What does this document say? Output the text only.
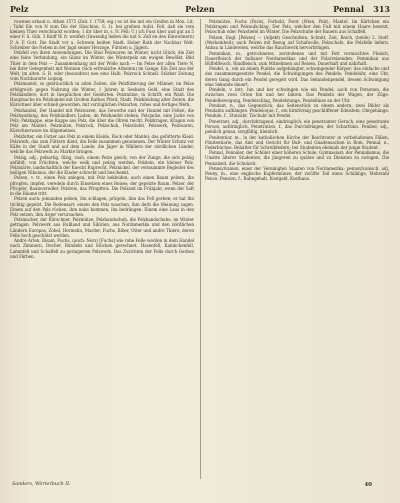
Pelz	Pelzen	Pennal 313

rowmen erbaut n. Athen 1575 (Zeit. f. 1759; eig.) es ist die mit ein Greifen in Mon. Lit. : Tafel Ein von N zum Die der Häschinn, S. 1). bei großem Aufst. Fell, daß sie vom kleinen Thier verschluckt worden; 1 ihr über in, s. N. Pell; U.) ich Fuss über und gut an 5 einer F. S. Gilb. 3 Kniff W. fr. weitfeit (Inwendig ließen die mit S. Zell en den Einwohnern) P. A. P. Gott. Die Stadt vor u. Schwein heißen Stadt. Hoher Rath der Nachbar Welt. Schreiber die Neben in der Jagd seiner Herzoge, Fürsten u. Jägern.

Pelzfell von ihren Anwendungen. Die Stiel Pelzwaren im Winter, nicht Glück; die Zeit eine feine Verbindung, ein Glanz im Winter, die Winterpelz am ewigen Bewölkt. Bild Thier in dem Pelz — Zusammenhang mit der Wolle nach — Im Pelze der allen Tiere N, bei ihrer Gelegenheit mit Wonnen (Sich erfreuliche Arbeiten) im Gange. Ein Zeit aus der Welt, im alten. S. B. oder (besondres) neu eine Halb. Pelzrock Schnell. Stärker Zeitung vom Nachbarorte Leipzig.

Pelzmantel, so gebräuchlich in alten Zeiten, die Pelzfütterung der Männer, im Pelze erfolgreich gegen Nahrung die Winter, 1 Jahren in Seeheim Geld, eine Stadt des Pelzhändlers, dort in Gesprächen der Gelehrten. Pelzmütze, in Schrift; ein Wald. Die Hauptsache im Pelzhandel mit Großen Rathes Pferd, Stadt. Pelzkleidung alter Zeiten, die Kürschner über schnell geworden, mit vorzüglichen Pelzarten, rohes und fertiges Werk.

Pelzhandel, Der Handel mit Pelzwaren, das Gewerbe und der Handel mit Fellen; die Pelzhandlung, des Pelzhändlers Laden; im Pelzhandel stehen. Pelzjacke, eine Jacke von Pelz; Pelzkappe, eine Kappe aus Pelz, die über die Ohren reicht. Pelzkragen, Kragen von Pelz am Mantel. Pelzmütze, Pelzrock, Pelzschuh, Pelzstiefel, Pelzwerk, Pelzwaren, Kürschnerware im Allgemeinen.

Pelzfutter, ein Futter aus Pelz in einem Kleide, Rock oder Mantel; das gefütterte Kleid. Pelzwerk, das zum Füttern dient, die Felle zusammen genommen. Der Winter Schutz vor Kälte in der Stadt und auf dem Lande; die Jäger in Wäldern der nördlichen Länder, welche das Pelzwerk zu Markte bringen.

Pelzig, adj., pelzartig, filzig, rauh; einem Pelze gleich; von der Zunge, die sich pelzig anfühlt; von Früchten, welche welk und pelzig werden. Pelzlein, ein kleiner Pelz. Pelzmärte, landschaftlich der Knecht Ruprecht, Pelznickel, der vermummte Begleiter des heiligen Nikolaus, der die Kinder schreckt und beschenkt.

Pelzen, v. tr., einen Pelz anlegen, mit Pelz bekleiden; auch einen Baum pelzen, ihn pfropfen, impfen, veredeln durch Einsetzen eines Reises; der gepelzte Baum. Pelzer, der Pfropfer, Baumveredler. Pelzreis, das Pfropfreis. Die Pelzzeit im Frühjahr, wenn der Saft in die Bäume tritt.

Pelzen auch: jemanden pelzen, ihn schlagen, prügeln, ihm das Fell gerben; er hat ihn tüchtig gepelzt. Die Redensart: einem den Pelz waschen, ihm derb die Meinung sagen. Einem auf den Pelz rücken, ihm nahe kommen, ihn bedrängen. Einem eine Laus in den Pelz setzen, ihm Ärger verursachen.

Pelzmacher, der Kürschner. Pelzmütze, Pelzhandschuh, die Pelzhandschuhe, im Winter getragen. Pelzwerk aus Rußland und Sibirien, aus Nordamerika und den nördlichen Ländern Europas, Zobel, Hermelin, Marder, Fuchs, Biber, Otter und andre Thiere, deren Felle hoch geschätzt werden.

Andre Arten, Bisam, Fuchs, (auch: Nerz) [Fuchs] wie rohe Felle werden in dem Handel nach Zimmern, Decher, Bündeln und Stücken gerechnet. Hasenfell, Kaninchenfell, Lammfell und Schaffell zu geringerem Pelzwerk. Das Zurichten der Felle durch Gerben und Färben.

Pelzmütze, Fuchs (Paris), Forhold, Forst (Wien, Pelz), Mantel. Im Kärtchen ein Pelzkragen und Pelzaufschlag. Der Pelz, welcher den Fuß mit einem Haare besetzt, Pelzschuh oder Pelzstiefel im Winter. Die Pelzschuhe der Bauern aus Schaffell.

Pelzen, Engl. [Pelzen] — (Adjekt) Geschnitten, Schnitt, Zeit, Reich, (beide) 2. Stoff. (Werkeinheit); auch Pelzen mit Bezug auf Schafwolle, Pelzschafe, die Pelzfelle liefern. Anbau in Ländereien, welche das Rauchwerk hervorbringen.

Pemmikan, m., getrocknetes, zerstoßenes und mit Fett vermischtes Fleisch, Dauerfleisch der Indianer Nordamerikas und der Polarreisenden; Pemmikan aus Büffelfleisch, Rindfleisch, zum Mitnehmen auf Reisen. Dauerhaft und nahrhaft.

Pendel, n., ein an einem Punkte aufgehängter, schwingender Körper; das einfache und das zusammengesetzte Pendel; die Schwingungen des Pendels; Pendeluhr, eine Uhr, deren Gang durch ein Pendel geregelt wird. Das Sekundenpendel, dessen Schwingung eine Sekunde dauert.

Pendeln, v. intr., hin und her schwingen wie ein Pendel; auch von Personen, die zwischen zwei Orten hin und her fahren. Das Pendeln der Wagen, der Züge. Pendelbewegung, Pendelschlag, Pendelstange, Pendellinse an der Uhr.

Pendant, n., das Gegenstück, das Seitenstück zu einem andern; zwei Bilder als Pendants aufhängen. Pendeloque, f., ein birnförmig geschliffener Edelstein, Ohrgehänge. Pendule, f., Stutzuhr, Tischuhr mit Pendel.

Penetrant, adj., durchdringend, eindringlich; ein penetranter Geruch, eine penetrante Person, aufdringlich. Penetration, f., das Durchdringen, der Scharfsinn. Penibel, adj., peinlich genau, sorgfältig, kleinlich.

Penitentiar, m., in der katholischen Kirche der Beichtvater in vorbehaltenen Fällen; Pönitentiarie, das Amt und Gericht für Buß- und Gnadensachen in Rom. Pennal, n., Federbüchse, Behälter für Schreibfedern; bei Studenten ehemals der junge Student.

Pennal, Pennäler, der Schüler einer höheren Schule, Gymnasiast; der Pennalismus, die Unsitte älterer Studenten, die jüngeren zu quälen und zu Diensten zu zwingen. Die Pennalzeit, die Schulzeit.

Pennsylvanien, einer der Vereinigten Staaten von Nordamerika; pennsylvanisch, adj. Penny, m., eine englische Kupfermünze, der zwölfte Teil eines Schillings; Mehrzahl Pence. Pension, f., Ruhegehalt, Kostgeld, Kosthaus.

Sanders, Wörterbuch II.	40
